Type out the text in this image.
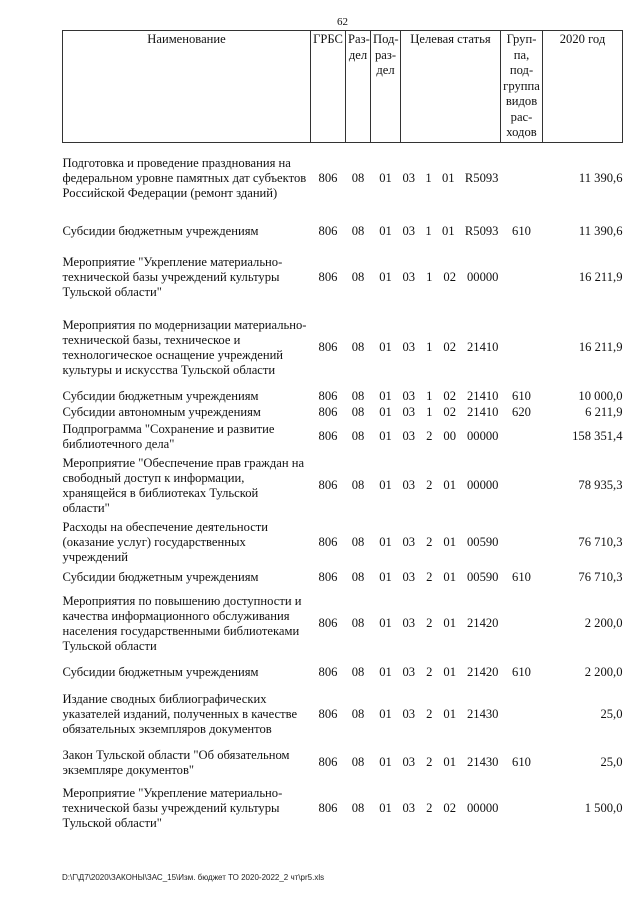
62
Наименование	ГРБС	Раз-дел	Под-раз-дел	Целевая статья	Груп-па, под-группа видов рас-ходов	2020 год
Подготовка и проведение празднования на федеральном уровне памятных дат субъектов Российской Федерации (ремонт зданий)	806	08	01	03 1 01 R5093		11 390,6
Субсидии бюджетным учреждениям	806	08	01	03 1 01 R5093	610	11 390,6
Мероприятие "Укрепление материально-технической базы учреждений культуры Тульской области"	806	08	01	03 1 02 00000		16 211,9
Мероприятия по модернизации материально-технической базы, техническое и технологическое оснащение учреждений культуры и искусства Тульской области	806	08	01	03 1 02 21410		16 211,9
Субсидии бюджетным учреждениям	806	08	01	03 1 02 21410	610	10 000,0
Субсидии автономным учреждениям	806	08	01	03 1 02 21410	620	6 211,9
Подпрограмма "Сохранение и развитие библиотечного дела"	806	08	01	03 2 00 00000		158 351,4
Мероприятие "Обеспечение прав граждан на свободный доступ к информации, хранящейся в библиотеках Тульской области"	806	08	01	03 2 01 00000		78 935,3
Расходы на обеспечение деятельности (оказание услуг) государственных учреждений	806	08	01	03 2 01 00590		76 710,3
Субсидии бюджетным учреждениям	806	08	01	03 2 01 00590	610	76 710,3
Мероприятия по повышению доступности и качества информационного обслуживания населения государственными библиотеками Тульской области	806	08	01	03 2 01 21420		2 200,0
Субсидии бюджетным учреждениям	806	08	01	03 2 01 21420	610	2 200,0
Издание сводных библиографических указателей изданий, полученных в качестве обязательных экземпляров документов	806	08	01	03 2 01 21430		25,0
Закон Тульской области "Об обязательном экземпляре документов"	806	08	01	03 2 01 21430	610	25,0
Мероприятие "Укрепление материально-технической базы учреждений культуры Тульской области"	806	08	01	03 2 02 00000		1 500,0
D:\Г\Д7\2020\ЗАКОНЫ\ЗАС_15\Изм. бюджет ТО 2020-2022_2 чт\pr5.xls
